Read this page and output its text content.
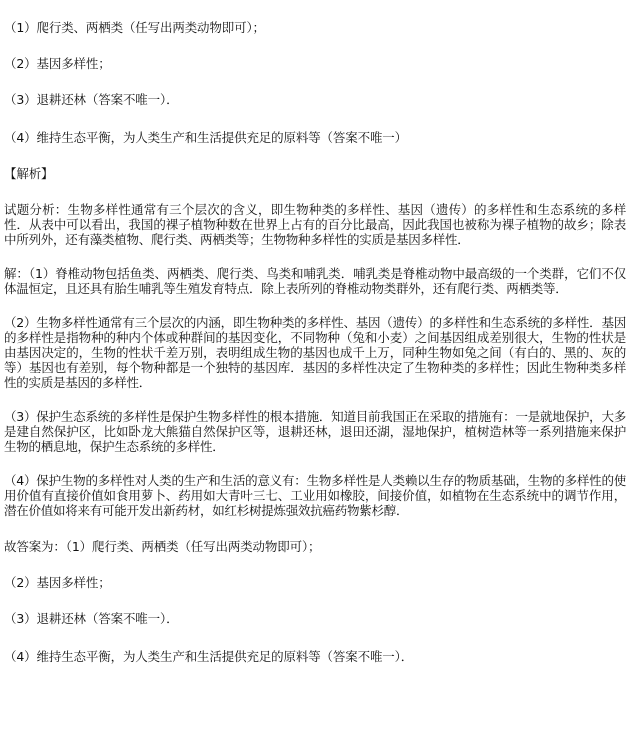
（1）爬行类、两栖类（任写出两类动物即可）；

（2）基因多样性；

（3）退耕还林（答案不唯一）．

（4）维持生态平衡，为人类生产和生活提供充足的原料等（答案不唯一）

【解析】

试题分析：生物多样性通常有三个层次的含义，即生物种类的多样性、基因（遗传）的多样性和生态系统的多样性．从表中可以看出，我国的裸子植物种数在世界上占有的百分比最高，因此我国也被称为裸子植物的故乡；除表中所列外，还有藻类植物、爬行类、两栖类等；生物物种多样性的实质是基因多样性．

解：（1）脊椎动物包括鱼类、两栖类、爬行类、鸟类和哺乳类．哺乳类是脊椎动物中最高级的一个类群，它们不仅体温恒定，且还具有胎生哺乳等生殖发育特点．除上表所列的脊椎动物类群外，还有爬行类、两栖类等．

（2）生物多样性通常有三个层次的内涵，即生物种类的多样性、基因（遗传）的多样性和生态系统的多样性．基因的多样性是指物种的种内个体或种群间的基因变化，不同物种（兔和小麦）之间基因组成差别很大，生物的性状是由基因决定的，生物的性状千差万别，表明组成生物的基因也成千上万，同种生物如兔之间（有白的、黑的、灰的等）基因也有差别，每个物种都是一个独特的基因库．基因的多样性决定了生物种类的多样性；因此生物种类多样性的实质是基因的多样性．

（3）保护生态系统的多样性是保护生物多样性的根本措施．知道目前我国正在采取的措施有：一是就地保护，大多是建自然保护区，比如卧龙大熊猫自然保护区等，退耕还林，退田还湖，湿地保护，植树造林等一系列措施来保护生物的栖息地，保护生态系统的多样性．

（4）保护生物的多样性对人类的生产和生活的意义有：生物多样性是人类赖以生存的物质基础，生物的多样性的使用价值有直接价值如食用萝卜、药用如大青叶三七、工业用如橡胶，间接价值，如植物在生态系统中的调节作用，潜在价值如将来有可能开发出新药材，如红杉树提炼强效抗癌药物紫杉醇．

故答案为：（1）爬行类、两栖类（任写出两类动物即可）；

（2）基因多样性；

（3）退耕还林（答案不唯一）．

（4）维持生态平衡，为人类生产和生活提供充足的原料等（答案不唯一）．
